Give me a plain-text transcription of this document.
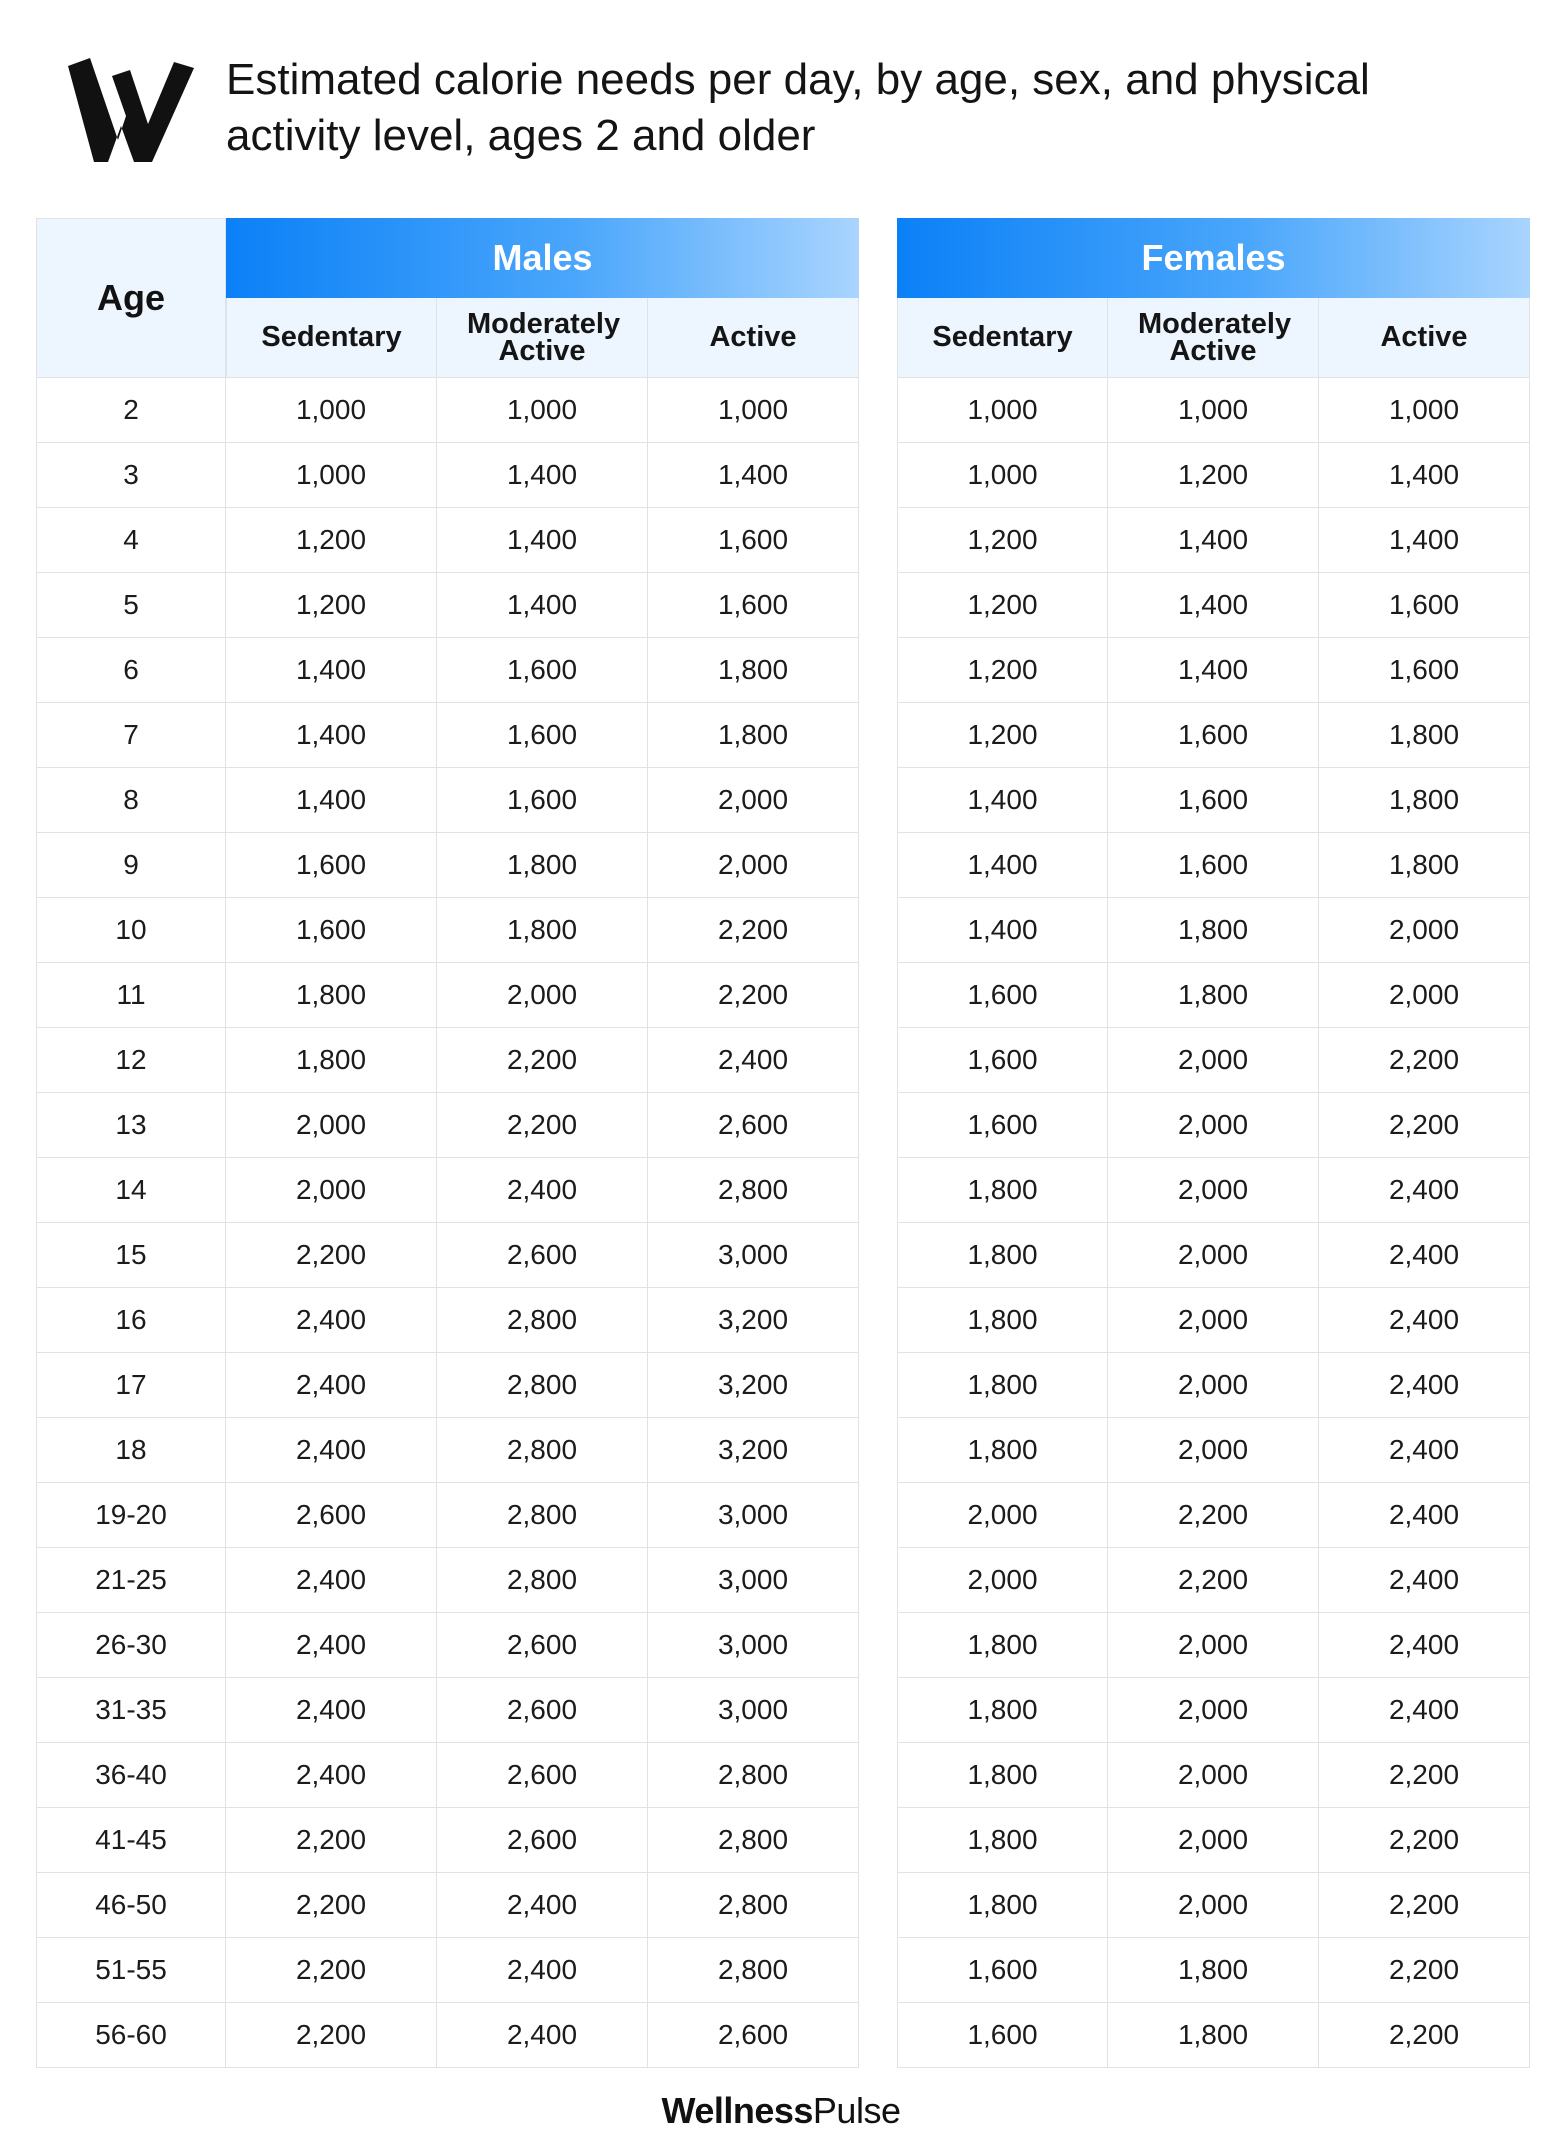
Estimated calorie needs per day, by age, sex, and physical activity level, ages 2 and older
Age
Males	Females
Sedentary	Moderately Active	Active	Sedentary	Moderately Active	Active
2	1,000	1,000	1,000	1,000	1,000	1,000
3	1,000	1,400	1,400	1,000	1,200	1,400
4	1,200	1,400	1,600	1,200	1,400	1,400
5	1,200	1,400	1,600	1,200	1,400	1,600
6	1,400	1,600	1,800	1,200	1,400	1,600
7	1,400	1,600	1,800	1,200	1,600	1,800
8	1,400	1,600	2,000	1,400	1,600	1,800
9	1,600	1,800	2,000	1,400	1,600	1,800
10	1,600	1,800	2,200	1,400	1,800	2,000
11	1,800	2,000	2,200	1,600	1,800	2,000
12	1,800	2,200	2,400	1,600	2,000	2,200
13	2,000	2,200	2,600	1,600	2,000	2,200
14	2,000	2,400	2,800	1,800	2,000	2,400
15	2,200	2,600	3,000	1,800	2,000	2,400
16	2,400	2,800	3,200	1,800	2,000	2,400
17	2,400	2,800	3,200	1,800	2,000	2,400
18	2,400	2,800	3,200	1,800	2,000	2,400
19-20	2,600	2,800	3,000	2,000	2,200	2,400
21-25	2,400	2,800	3,000	2,000	2,200	2,400
26-30	2,400	2,600	3,000	1,800	2,000	2,400
31-35	2,400	2,600	3,000	1,800	2,000	2,400
36-40	2,400	2,600	2,800	1,800	2,000	2,200
41-45	2,200	2,600	2,800	1,800	2,000	2,200
46-50	2,200	2,400	2,800	1,800	2,000	2,200
51-55	2,200	2,400	2,800	1,600	1,800	2,200
56-60	2,200	2,400	2,600	1,600	1,800	2,200
WellnessPulse
